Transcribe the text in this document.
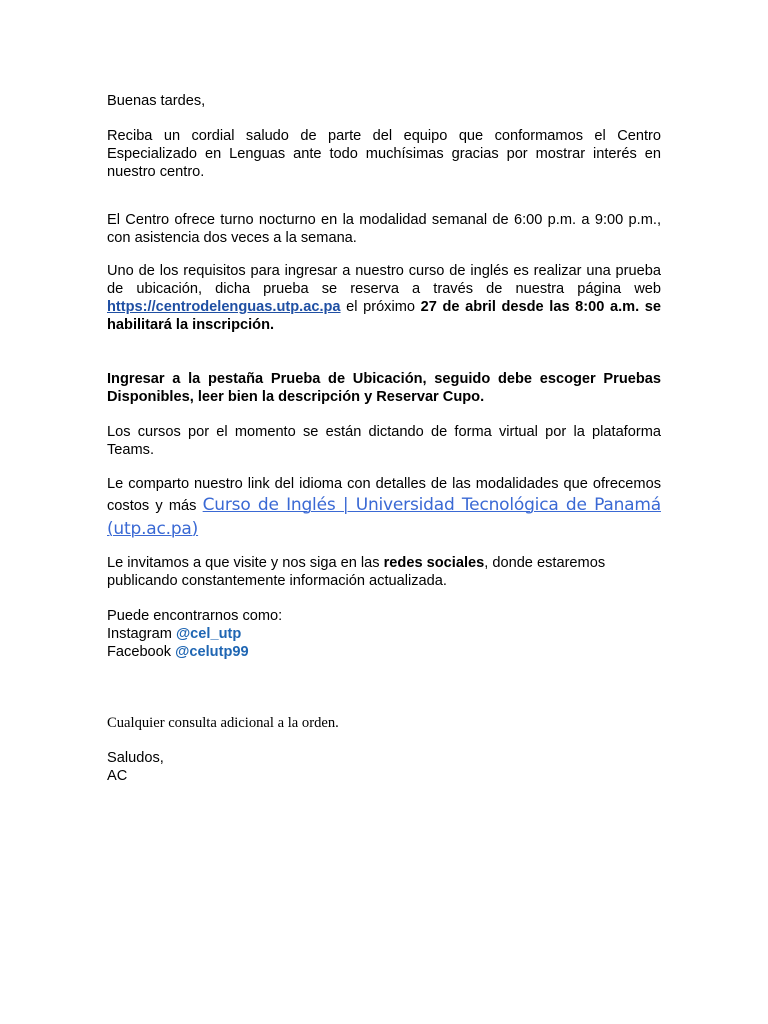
Buenas tardes,

Reciba un cordial saludo de parte del equipo que conformamos el Centro Especializado en Lenguas ante todo muchísimas gracias por mostrar interés en nuestro centro.

El Centro ofrece turno nocturno en la modalidad semanal de 6:00 p.m. a 9:00 p.m., con asistencia dos veces a la semana.

Uno de los requisitos para ingresar a nuestro curso de inglés es realizar una prueba de ubicación, dicha prueba se reserva a través de nuestra página web https://centrodelenguas.utp.ac.pa el próximo 27 de abril desde las 8:00 a.m. se habilitará la inscripción.

Ingresar a la pestaña Prueba de Ubicación, seguido debe escoger Pruebas Disponibles, leer bien la descripción y Reservar Cupo.

Los cursos por el momento se están dictando de forma virtual por la plataforma Teams.

Le comparto nuestro link del idioma con detalles de las modalidades que ofrecemos costos y más Curso de Inglés | Universidad Tecnológica de Panamá (utp.ac.pa)

Le invitamos a que visite y nos siga en las redes sociales, donde estaremos publicando constantemente información actualizada.

Puede encontrarnos como:
Instagram @cel_utp
Facebook @celutp99

Cualquier consulta adicional a la orden.

Saludos,
AC
